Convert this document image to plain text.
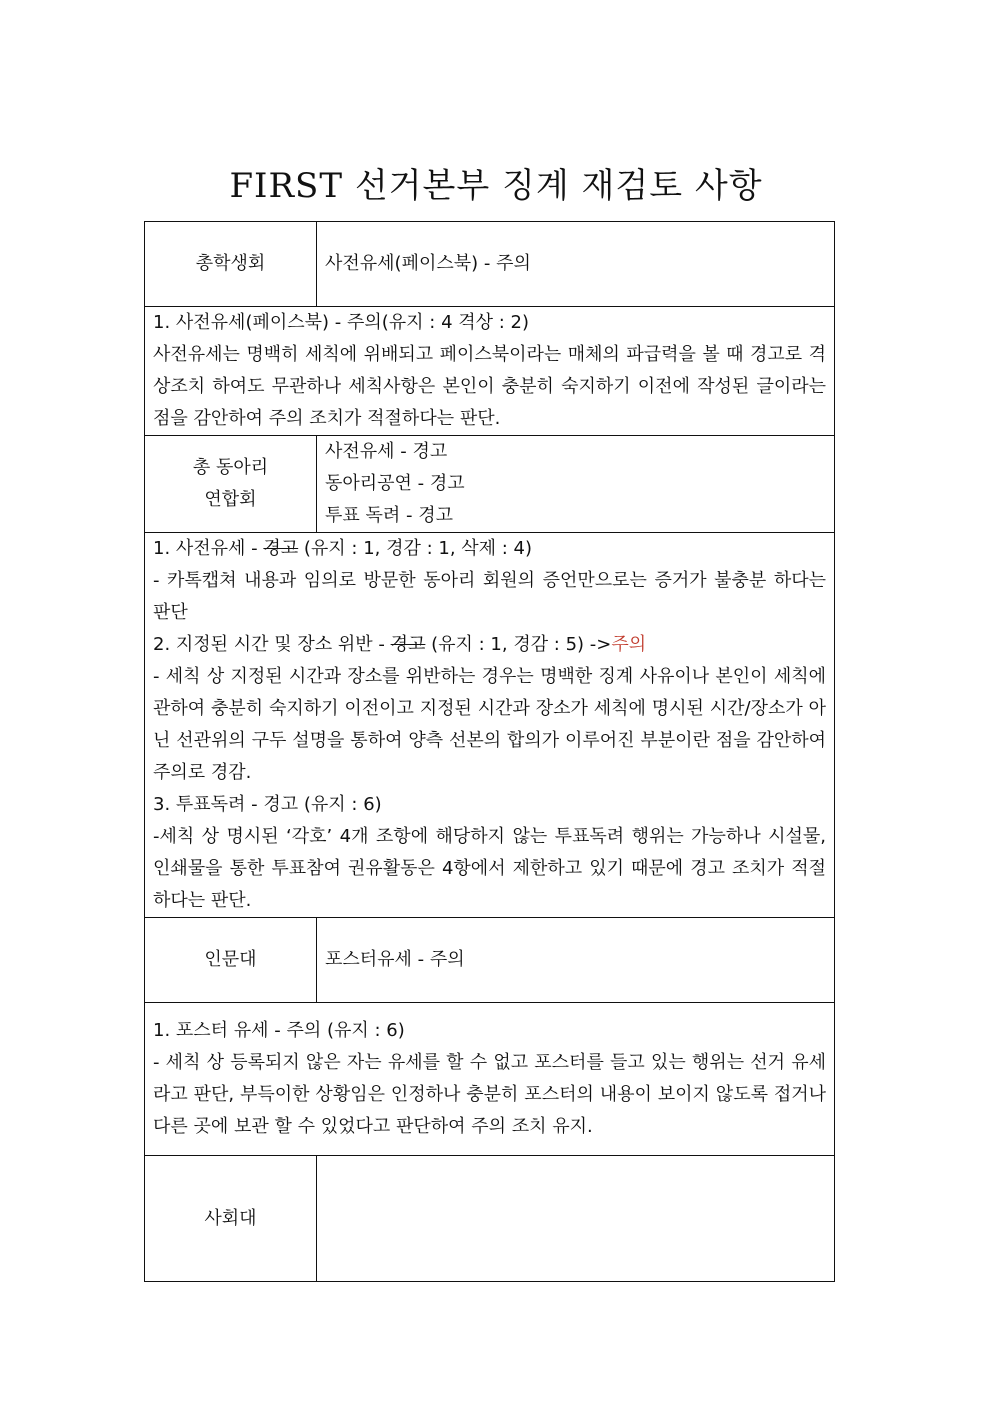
FIRST 선거본부 징계 재검토 사항
총학생회	사전유세(페이스북) - 주의

1. 사전유세(페이스북) - 주의(유지 : 4 격상 : 2)
사전유세는 명백히 세칙에 위배되고 페이스북이라는 매체의 파급력을 볼 때 경고로 격상조치 하여도 무관하나 세칙사항은 본인이 충분히 숙지하기 이전에 작성된 글이라는 점을 감안하여 주의 조치가 적절하다는 판단.	

총 동아리
연합회	사전유세 - 경고
동아리공연 - 경고
투표 독려 - 경고

1. 사전유세 - 경고 (유지 : 1, 경감 : 1, 삭제 : 4)
- 카톡캡쳐 내용과 임의로 방문한 동아리 회원의 증언만으로는 증거가 불충분 하다는 판단
2. 지정된 시간 및 장소 위반 - 경고 (유지 : 1, 경감 : 5) ->주의
- 세칙 상 지정된 시간과 장소를 위반하는 경우는 명백한 징계 사유이나 본인이 세칙에 관하여 충분히 숙지하기 이전이고 지정된 시간과 장소가 세칙에 명시된 시간/장소가 아닌 선관위의 구두 설명을 통하여 양측 선본의 합의가 이루어진 부분이란 점을 감안하여 주의로 경감.
3. 투표독려 - 경고 (유지 : 6)
-세칙 상 명시된 ‘각호’ 4개 조항에 해당하지 않는 투표독려 행위는 가능하나 시설물, 인쇄물을 통한 투표참여 권유활동은 4항에서 제한하고 있기 때문에 경고 조치가 적절하다는 판단.

인문대	포스터유세 - 주의

1. 포스터 유세 - 주의 (유지 : 6)
- 세칙 상 등록되지 않은 자는 유세를 할 수 없고 포스터를 들고 있는 행위는 선거 유세라고 판단, 부득이한 상황임은 인정하나 충분히 포스터의 내용이 보이지 않도록 접거나 다른 곳에 보관 할 수 있었다고 판단하여 주의 조치 유지.	

사회대	
